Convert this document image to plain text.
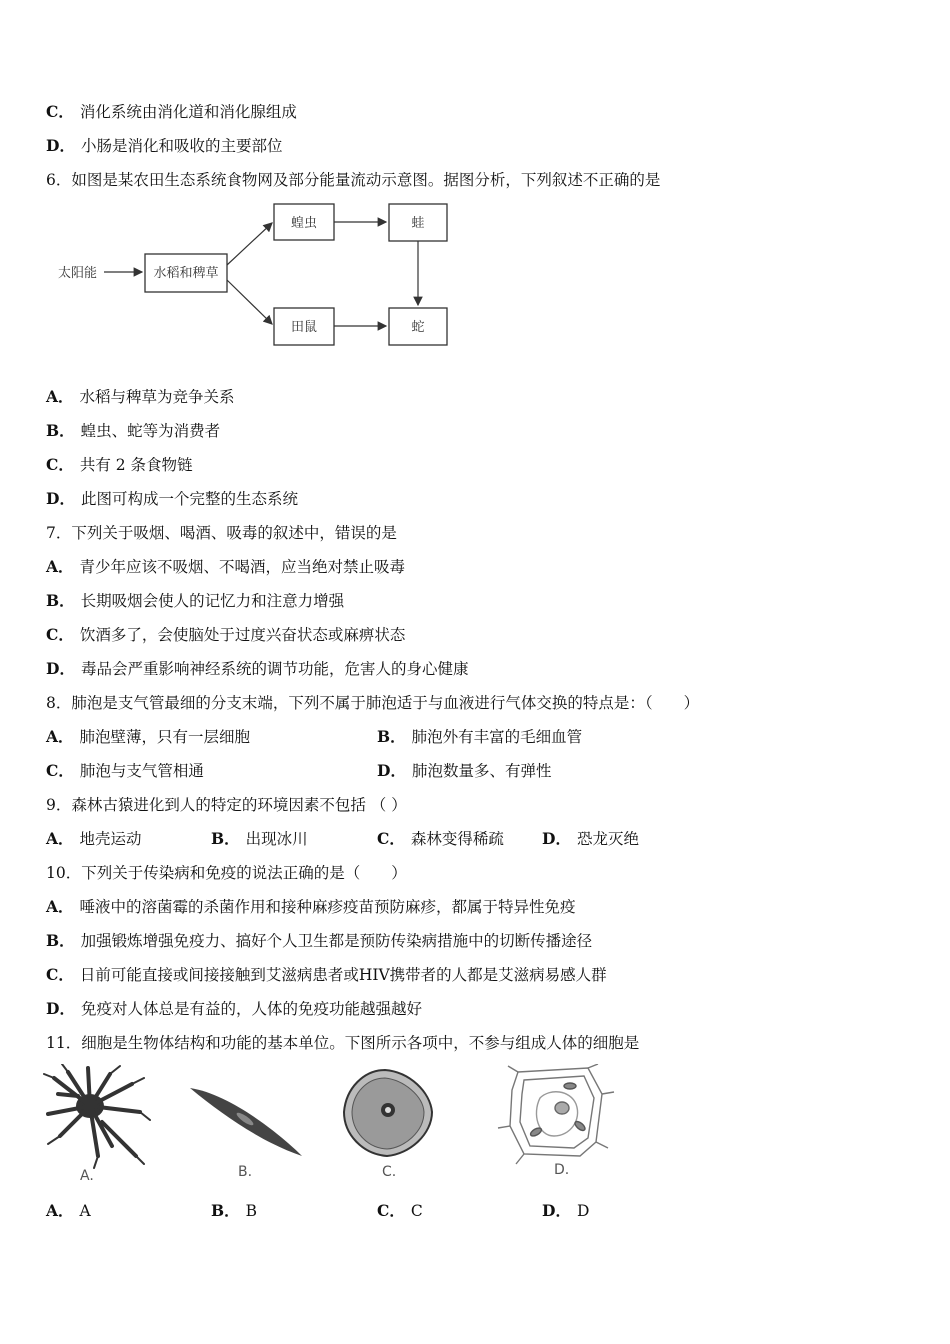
C． 消化系统由消化道和消化腺组成
D． 小肠是消化和吸收的主要部位
6．如图是某农田生态系统食物网及部分能量流动示意图。据图分析，下列叙述不正确的是
太阳能	水稻和稗草
蝗虫
田鼠
蛙
蛇
A． 水稻与稗草为竞争关系
B． 蝗虫、蛇等为消费者
C． 共有 2 条食物链
D． 此图可构成一个完整的生态系统
7．下列关于吸烟、喝酒、吸毒的叙述中，错误的是
A． 青少年应该不吸烟、不喝酒，应当绝对禁止吸毒
B． 长期吸烟会使人的记忆力和注意力增强
C． 饮酒多了，会使脑处于过度兴奋状态或麻痹状态
D． 毒品会严重影响神经系统的调节功能，危害人的身心健康
8．肺泡是支气管最细的分支末端，下列不属于肺泡适于与血液进行气体交换的特点是：（　　）
A． 肺泡壁薄，只有一层细胞	B． 肺泡外有丰富的毛细血管
C． 肺泡与支气管相通	D． 肺泡数量多、有弹性
9．森林古猿进化到人的特定的环境因素不包括 （ ）
A． 地壳运动	B． 出现冰川	C． 森林变得稀疏 D． 恐龙灭绝
10．下列关于传染病和免疫的说法正确的是（　　）
A． 唾液中的溶菌霉的杀菌作用和接种麻疹疫苗预防麻疹，都属于特异性免疫
B． 加强锻炼增强免疫力、搞好个人卫生都是预防传染病措施中的切断传播途径
C． 日前可能直接或间接接触到艾滋病患者或HIV携带者的人都是艾滋病易感人群
D． 免疫对人体总是有益的，人体的免疫功能越强越好
11．细胞是生物体结构和功能的基本单位。下图所示各项中，不参与组成人体的细胞是
A.	B.	C.	D.
A． A	B． B	C． C	D． D
